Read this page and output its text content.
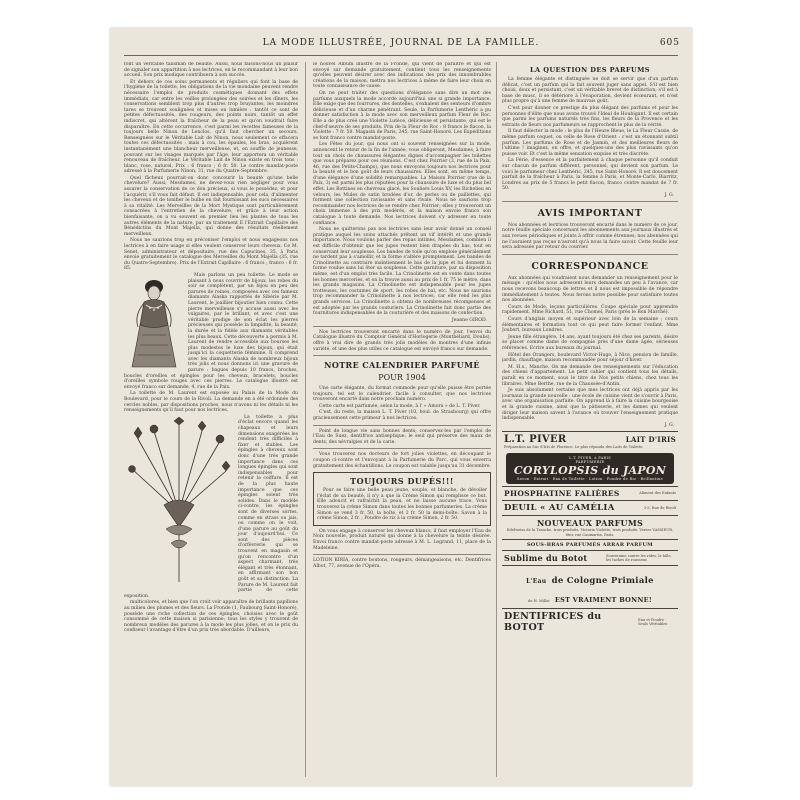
LA MODE ILLUSTRÉE, JOURNAL DE LA FAMILLE.	605

font un véritable talisman de beauté. Aussi, nous faisons-nous un plaisir de signaler son appartition à nos lectrices, en le recommandant à leur bon accueil. Son prix modique contribuera à son succès.

Et dehors de ces soins permanents et réguliers qui font la base de l'hygiène de la toilette, les obligations de la vie mondaine peuvent rendre nécessaire l'emploi de produits cosmétiques donnant des effets immédiats, car entre les veilles prolongées des soirées et les dîners, les conservations semblent trop plus d'autres trop bruyantes, les moindres tares se trouvent soulignées et mises en lumière : tantôt ce sont de petites défectuosités, des rougeurs, des points noirs, tantôt un effet indiscret, qui altèrent la fraîcheur de la peau et qu'on voudrait faire disparaître. En cette occurrence, c'est parmi les recettes fameuses de la toujours belle Ninon de Lenclos, qu'il faut chercher un secours. Renseignées sur le Véritable Lait de Ninon, nous seulement ce effacera toutes ces défectuosités : mais à cou, les épaules, les bras, acquièrent instantanément une blancheur merveilleuse, et, en souffle de jeunesse, pouvant sur les visages marqués par l'âge, leur apportera un véritable renouveau de fraîcheur. Le Véritable Lait de Ninon existe en trois tons : blanc, rose, naturel, Prix : 6 francs ; 6 fr. 50. Le contre mandat-poste adressé à la Parfumerie Ninon, 31, rue du Quatre-Septembre.

Quel fâcheux pourrait-on donc concourir la beauté qu'une belle chevelure? Aussi, Mesdames, ne devez-vous rien négliger pour vous assurer la conservation de ce don précieux, si vous le possédez, et pour l'acquérir, s'il vous fait défaut. Il est indispensable, pour cela, d'alimenter les cheveux et de tonifier le bulbe en fait fournissant les sucs nécessaires à sa vitalité. Les Merveilles de la Mort Mystique sont particulièrement consacrées à l'entretien de la chevelure, et grâce à leur action bienfaisante, on a vu souvent en premier lieu les plantes de tous les autres éléments de la nature, par un traitement E l'Extrait Capillaire des Bénédictins du Mont Majella, qui donne des résultats réellement merveilleux.

Nous ne saurions trop en préconiser l'emploi et nous engageons nos lectrices à en faire usage si elles veulent conserver leurs cheveux. Ce M. Senet, administrateur et dépositaire, rue des Capucines, 35, à Paris envoie gratuitement le catalogue des Merveilles du Mont Majella (35, rue du Quatre-Septembre). Prix de l'Extrait Capillaire : 6 francs ; franco : 6 fr. 85.

Mais parlons un peu toilette. Le mode se plaisant à nous couvrir de bijoux, les robes du soir se complètent, par un bijou en peu des parures de reines, composées avec ces fameux diamants Alaska rapportés de Sibérie par M. Laurent, le joaillier bijoutier bien connu. Cette pierre merveilleuse s'y accuse aussi avec les vulgaires, par le brillant, et avec c'est une véritable prodige de son éclat les pierres précieuses qui possède la limpidité, la beauté, la durée et la fidèle aux diamants véritables les plus beaux. Cette découverte a permis à M. Laurent de rendre accessible aux bourses les plus modestes le luxe des bijoux, qui était jusqu'ici la coquetterie féminine. Il comprend avec les diamants Alaska de nombreux bijoux très jolis et nous donnons ici une gravure de parure : bagues depuis 10 francs, broches, boucles d'oreilles et épingles pour les cheveux, bracelets, boucles d'oreilles symbole rouges avec ces pierres. Le catalogue illustré est envoyé franco sur demande, 4, rue de la Paix.

La toilette de M. Laurent est exposée au Palais de la Mode du Boulevard, pour le cours de la Rivoli. La demande en a été ordonnée des cercles nobles, par dispositions proches, nous n'avons ni les détails ni les renseignements qu'il faut pour nos lectrices.

La toilette a plus d'éclat encore quand les chapeaux et leurs dimensions exagérées les rendent très difficiles à fixer et stables. Les épingles à cheveux sont donc d'une très grande importance dans ces longues épingles qui sont indispensables pour retenir la coiffure. Il est de la plus haute importance que ces épingles soient très solides. Dans le modèle ci-contre, les épingles sont de diverses sortes, comme en strass ou jais, ou comme on le voit, d'une parure au goût du jour d'aujourd'hui. Ce sont des pièces d'orfèvrerie qui se trouvent en magasin et qu'on rencontre d'un aspect charmant, très élégant et très étonnant, en affirmant son bon goût et sa distinction. La Parure de M. Laurent fait partie de cette exposition.

multicolores, et bien que l'on croit voir apparaître de brillants papillons au milieu des plumes et des fleurs. La Fronde (1, Faubourg Saint-Honoré), possède une riche collection de ces épingles, choisies avec le goût consommé de cette maison si parisienne; tous les styles y trouvent de nombreux modèles des parures à la mode les plus jolies, et on le prix du confiseur l'avantage d'être d'un prix très abordable. D'ailleurs,

le nouvel Album illustré de la Fronde, qui vient de paraître et qui est envoyé sur demande gratuitement, contient tous les renseignements qu'elles peuvent désirer avec des indications des prix des innombrables créations de la maison, mettra nos lectrices à même de faire leur choix en toute connaissance de cause.

On ne peut traiter des questions d'élégance sans dire un mot des parfums auxquels la mode accorde aujourd'hui une si grande importance. Elle exige que des fourrures, des dentelles, s'exhalent des senteurs d'ombre délicieuse et d'un charme pénétrant. Seule, la Parfumerie Lenthéric a pu donner satisfaction à la mode avec son merveilleux parfum Fleur de Roc. Elle a de plus créé une Violette Lutèce, délicieuse et persistante, qui est le chef-d'œuvre de ses produits. Prix de la Fleur de Roc : 8 francs le flacon, la Violette : 7 fr. 50. Magasin de Paris, 245, rue Saint-Honoré. Les Expéditions se font franco contre mandat-poste.

Les Fêtes du jour, qui nous ont si souvent renseignées sur la mode, annoncent le retour de la fin de l'année, vous obligeront, Mesdames, à faire tout un choix de chaussures élégantes dignes d'accompagner les toilettes que vous préparez pour ces réunions. C'est chez Poirrier (3, rue de la Paix, 46, rue des Petits-Champs), que nous envoyons toujours nos lectrices pour la beauté et le bon goût de leurs chaussures. Elles sont, en même temps, d'une élégance d'une solidité remarquables. La Maison Poirrier (rue de la Paix, 3) est parmi les plus réputées pour la chaussure de luxe et du plus bel effet. Les Bottines en chevreau glacé, les Souliers Louis XV, les Richelieu en velours, les Mules de satin brodées d'or, de perles ou de paillettes, qui forment une collection ravissante et sans rivale. Nous ne saurions trop recommander nos lectrices de se rendre chez Poirrier; elles y trouveront un choix immense à des prix modérés, et la maison envoie franco son catalogue à toute demande. Nos lectrices doivent s'y adresser en toute confiance.

Nous ne quitterons pas nos lectrices sans leur avoir donné un conseil pratique auquel les soins attachés prêtent un vif intérêt et une grande importance. Nous voulons parler des repas intimes, Mesdames, combien il est difficile d'obtenir que les jupes restent bien drapées du bas, tout en conservant leur souplesse. Les bandes de toile qu'on emploie généralement ne tardent pas à s'amollir, et la forme s'altère promptement. Les bandes de Crinolinette au contraire maintiennent le bas de la jupe et lui donnent la forme voulue sans lui ôter sa souplesse. Cette garniture, par sa disposition même, est d'un emploi très facile. La Crinolinette est en vente dans toutes les bonnes merceries, et on la trouve aussi au prix de 1 fr. 75 le mètre, dans les grands magasins. La Crinolinette est indispensable pour les jupes trotteuses, les costumes de sport, les robes de bal, etc. Nous ne saurions trop recommander la Crinolinette à nos lectrices, car elle rend les plus grands services. La Crinolinette a obtenu de nombreuses récompenses et est adoptée par les grands couturiers. La Crinolinette fait donc partie des fournitures indispensables de la couturière et des maisons de confection.

Jeanne GIROD.

Nos lectrices trouveront encarté dans le numéro de jour, l'envoi du Catalogue illustré du Comptoir Général d'Horlogerie (Montbéliard, Doubs), offre à vrai dire de grands très jolis modèles de montres d'une infinie variété, et une des plus utiles ce catalogue est envoyé franco sur demande.

NOTRE CALENDRIER PARFUMÉ
POUR 1904

Une carte élégante, du format commode pour qu'elle puisse être portée toujours, tel est le calendrier, facile à consulter, que nos lectrices trouveront encarté dans notre prochain numéro.

Cette carte est parfumée, selon la mode, à l' « Amora » de L. T. Piver.

C'est, du reste, la maison L. T. Piver (10, boul. de Strasbourg) qui offre gracieusement cette primeur à nos lectrices.

Point de longue vie sans bonnes dents; conservez-les par l'emploi de l'Eau de Suez, dentifrice antiseptique, le seul qui préserve des maux de dents, des névralgies et de la carie.

Vous trouverez nos docteurs de fort jolies violettes, en découpant le coupon ci-contre et l'envoyant à la Parfumerie du Parc, qui vous enverra gratuitement des échantillons. Le coupon est valable jusqu'au 31 décembre.

TOUJOURS DUPÉS!!!

Pour se faire une belle peau jeune, souple, et blanche, de dévoiler l'éclat de sa beauté, il n'y a que la Crème Simon qui remplisse ce but. Elle adoucit et rafraîchit la peau, et ne laisse aucune trace. Vous trouverez la crème Simon dans toutes les bonnes parfumeries. La crème Simon se vend 3 fr. 50, la boîte, et 2 fr. 50 la demi-boîte. Savon à la crème Simon, 2 fr. ; Poudre de riz à la crème Simon, 2 fr. 50.

On vous engage à conserver les cheveux blancs, il faut employer l'Eau de Noix nouvelle, produit naturel qui donne à la chevelure la teinte désirée. Envoi franco contre mandat-poste adressé à M. L. Legrand, 11, place de la Madeleine.

LOTION KIRIA, contre boutons, rougeurs, démangeaisons, etc. Dentifrices Albot, 77, avenue de l'Opéra.

LA QUESTION DES PARFUMS

La femme élégante et distinguée ne doit se servir que d'un parfum délicat, c'est un parfum qui la fait souvent juger sans appel. S'il est bien choisi, doux et persistant, c'est un véritable brevet de distinction; s'il est à base de musc, il se détériore à l'évaporation, devient écœurant, et n'est plus propre qu'à une femme de mauvais goût.

C'est pour donner ce prestige du plus élégant des parfums et pour les personnes d'élite que nous avons trouvé l'Ideal de Houbigant. Il est certain que parmi les parfums naturels très fins, les fleurs de la Provence et les extraits de fleurs nos parfumeurs se rapprochent le plus de la vérité.

Il faut délecter la mode : le plus de l'Heure Bleue, le La Fleur Cassie, de même parfum coquet, ou celle de Rose d'Orient : c'est un étonnant subtil parfum. Les parfums de Rose et de Jasmin, et des meilleures fleurs de l'ultime ! imaginez, on offre, et quelques-uns des plus ravissants qu'on puisse voir. Et c'est la même sensation exquise et très discrète.

La Férie, d'essence et la parfaitement à chaque personne qu'il conduit sur chacun de parfum différent, personnel, qui devient son parfum. Le voici le parfumeur chez Lenthéric, 245, rue Saint-Honoré. Il est doucement parfait de la fraîcheur à Paris, la femme à Paris, et Monte-Carlo, Biarritz, Londres au prix de 5 francs le petit flacon, franco contre mandat de 7 fr. 50.

J. G.
AVIS IMPORTANT

Nos abonnées et lectrices trouveront encarté dans le numéro de ce jour, notre feuille spéciale concernant les abonnements aux journaux illustrés et aux revues périodiques et joints à offrir comme étrennes; nos abonnées qui ne l'auraient pas reçue n'auront qu'à nous la faire savoir. Cette feuille leur sera adressée par retour du courrier.

CORRESPONDANCE

Aux abonnées qui voudraient nous demander un renseignement pour le ménage : qu'elles nous adressent leurs demandes un peu à l'avance, car nous recevons beaucoup de lettres et il nous est impossible de répondre immédiatement à toutes. Nous ferons notre possible pour satisfaire toutes nos abonnées.

Cours de Mode, leçons particulières. Coupe spéciale pour apprendre rapidement. Mme Richard, 51, rue Chomel, Paris (près le Bon Marché).

Cours d'anglais moyen et supérieur avec loin de la semaine ; cours élémentaires et formation tout ce qui peut faire former l'enfant. Mme Joubert, bureaux Londres.

Jeune fille étrangère, 14 ans, ayant toujours été chez ses parents, désire se placer comme dame de compagnie près d'une dame âgée, sérieuses références. Ecrire aux bureaux du journal.

Hôtel des Orangers, boulevard Victor-Hugo, à Nice, pension de famille, jardin, chauffage, maison recommandée pour séjour d'hiver.

M. H.s., Manche. On me demande des renseignements sur l'éducation des chiens d'appartement. Le petit cahier qui contient tous les détails, paraît en ce moment, sous le titre de Nos petits chiens, chez tous les libraires. Mme Berthe, rue de la Chaussée-d'Antin.

Je suis absolument certaine que mes lectrices ont déjà appris par les journaux la grande nouvelle : une école de cuisine vient de s'ouvrir à Paris, avec une organisation parfaite. On apprend là à faire la cuisine bourgeoise et la grande cuisine, ainsi que la pâtisserie, et les dames qui veulent diriger leur maison savent à l'avance où trouver l'enseignement pratique indispensable.

J. G.
L.T. PIVER	LAIT D'IRIS
Préparation au Suc d'Iris de Florence. Le plus répandu des Laits de Toilette.
L.T. PIVER, à PARIS
PARFUMERIE
CORYLOPSIS du JAPON
Savon · Extrait · Eau de Toilette · Lotion · Poudre de Riz · Brillantine
PHOSPHATINE FALIÈRES	Aliment des Enfants
DEUIL « AU CAMÉLIA	3-5, Rue de Rivoli
NOUVEAUX PARFUMS
Edelweiss de la Tranche, trois produits. Victoria Violette, trois produits. Verser VASSIEUR, 6ter, rue Caumartin, Paris.
SOUS-BRAS PARFUMÉS ARRAR PARFUM
Sublime du Botot	Souveraine contre les rides, le hâle, les taches de rousseur.
L'Eau de Cologne Primiale
de H. Millot EST VRAIMENT BONNE!
DENTIFRICES du BOTOT
Eau et Poudre · Seuls Véritables
